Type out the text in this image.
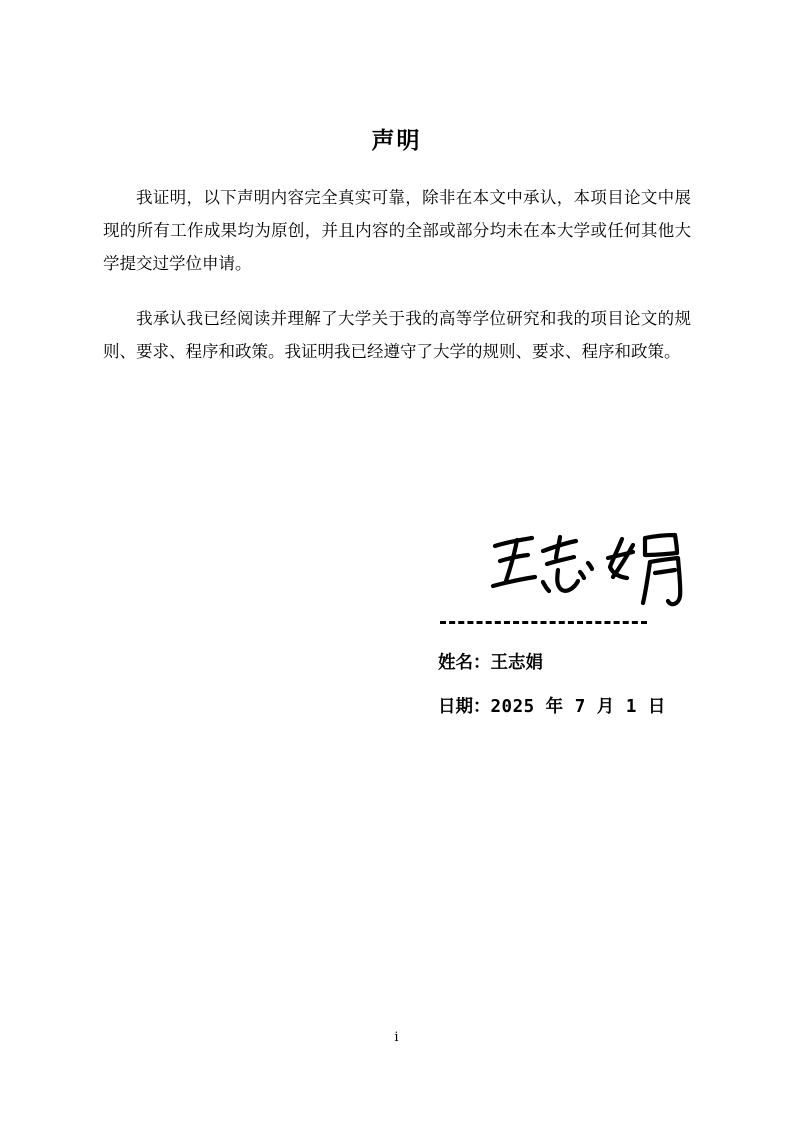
声明

我证明，以下声明内容完全真实可靠，除非在本文中承认，本项目论文中展现的所有工作成果均为原创，并且内容的全部或部分均未在本大学或任何其他大学提交过学位申请。

我承认我已经阅读并理解了大学关于我的高等学位研究和我的项目论文的规则、要求、程序和政策。我证明我已经遵守了大学的规则、要求、程序和政策。

姓名：王志娟
日期：2025 年 7 月 1 日
i
